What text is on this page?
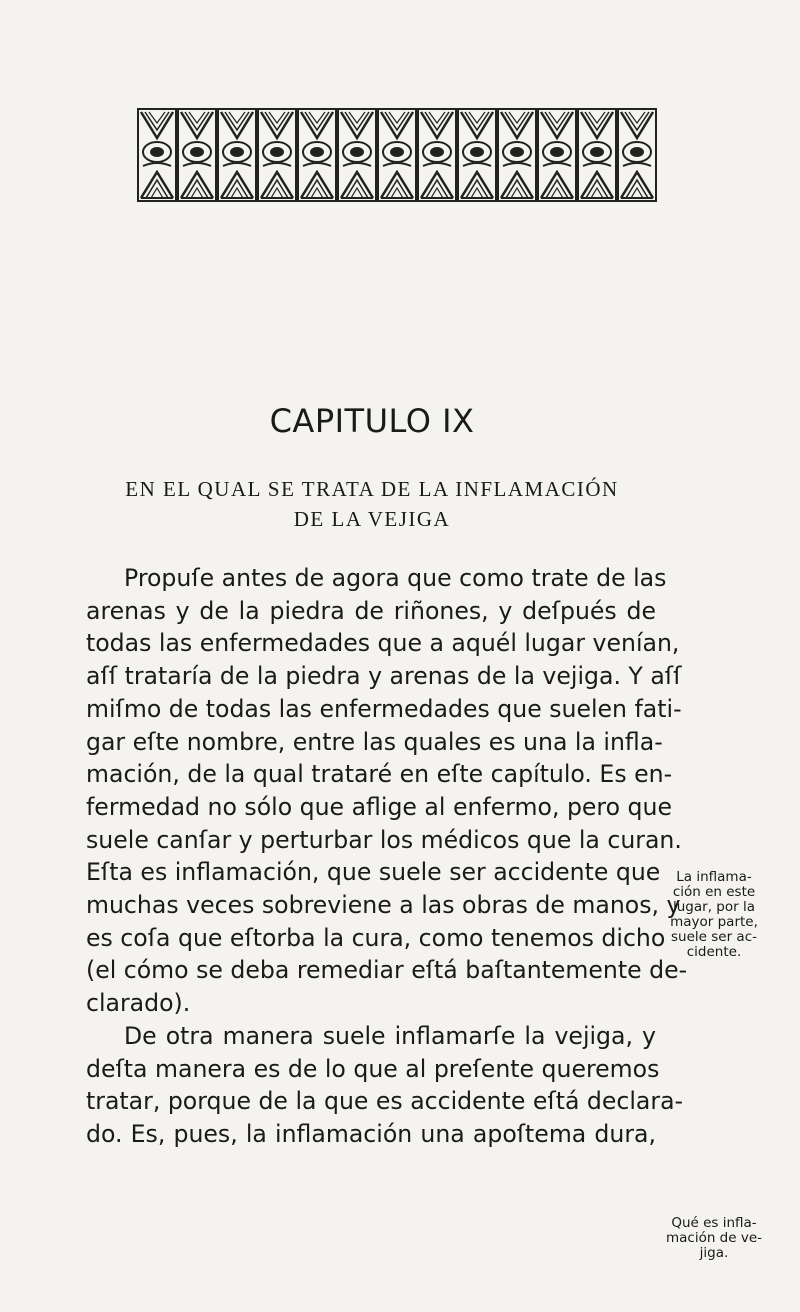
CAPITULO IX
EN EL QUAL SE TRATA DE LA INFLAMACIÓN
DE LA VEJIGA
Propuſe antes de agora que como trate de las
arenas y de la piedra de riñones, y deſpués de
todas las enfermedades que a aquél lugar venían,
aſſ trataría de la piedra y arenas de la vejiga. Y aſſ
miſmo de todas las enfermedades que suelen fati-
gar eſte nombre, entre las quales es una la infla-
mación, de la qual trataré en eſte capítulo. Es en-
fermedad no sólo que aflige al enfermo, pero que
suele canſar y perturbar los médicos que la curan.
Eſta es inflamación, que suele ser accidente que
muchas veces sobreviene a las obras de manos, y
es coſa que eſtorba la cura, como tenemos dicho
(el cómo se deba remediar eſtá baſtantemente de-
clarado).
De otra manera suele inflamarſe la vejiga, y
deſta manera es de lo que al preſente queremos
tratar, porque de la que es accidente eſtá declara-
do. Es, pues, la inflamación una apoſtema dura,
La inflama-
ción en este
lugar, por la
mayor parte,
suele ser ac-
cidente.
Qué es infla-
mación de ve-
jiga.
